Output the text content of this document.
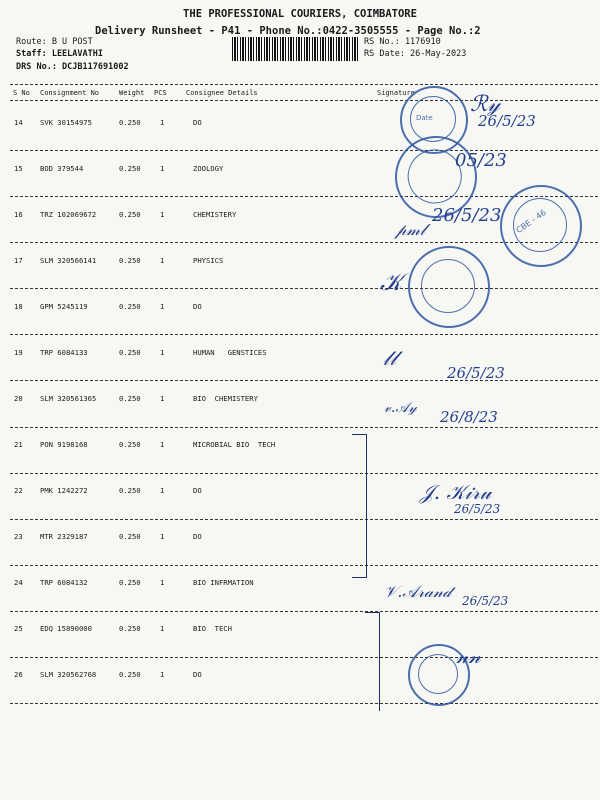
THE PROFESSIONAL COURIERS, COIMBATORE
Delivery Runsheet - P41 - Phone No.:0422-3505555 - Page No.:2
Route: B U POST
Staff: LEELAVATHI
DRS No.: DCJB117691002
RS No.: 1176910
RS Date: 26-May-2023
S No Consignment No	Weight PCS	Consignee Details	Signature
14 SVK 30154975	0.250	1	DO
15 BOD 379544	0.250	1	ZOOLOGY
16 TRZ 102069672	0.250	1	CHEMISTERY
17 SLM 320566141	0.250	1	PHYSICS
18 GPM 5245119	0.250	1	DO
19 TRP 6084133	0.250	1	HUMAN   GENSTICES
20 SLM 320561365	0.250	1	BIO  CHEMISTERY
21 PON 9198168	0.250	1	MICROBIAL BIO  TECH
22 PMK 1242272	0.250	1	DO
23 MTR 2329187	0.250	1	DO
24 TRP 6084132	0.250	1	BIO INFRMATION
25 EDQ 15890000	0.250	1	BIO  TECH
26 SLM 320562768	0.250	1	DO
Date
ℛ𝓎
26/5/23
05/23
CBE - 46
𝓅𝓂𝓁
26/5/23
𝒦
𝓁𝓁
26/5/23
𝓋.𝒜𝓎 26/8/23
𝒥. 𝒦𝒾𝓇𝓊
26/5/23
𝒱.𝒜𝓇𝒶𝓃𝒹 26/5/23
𝓃𝓃
